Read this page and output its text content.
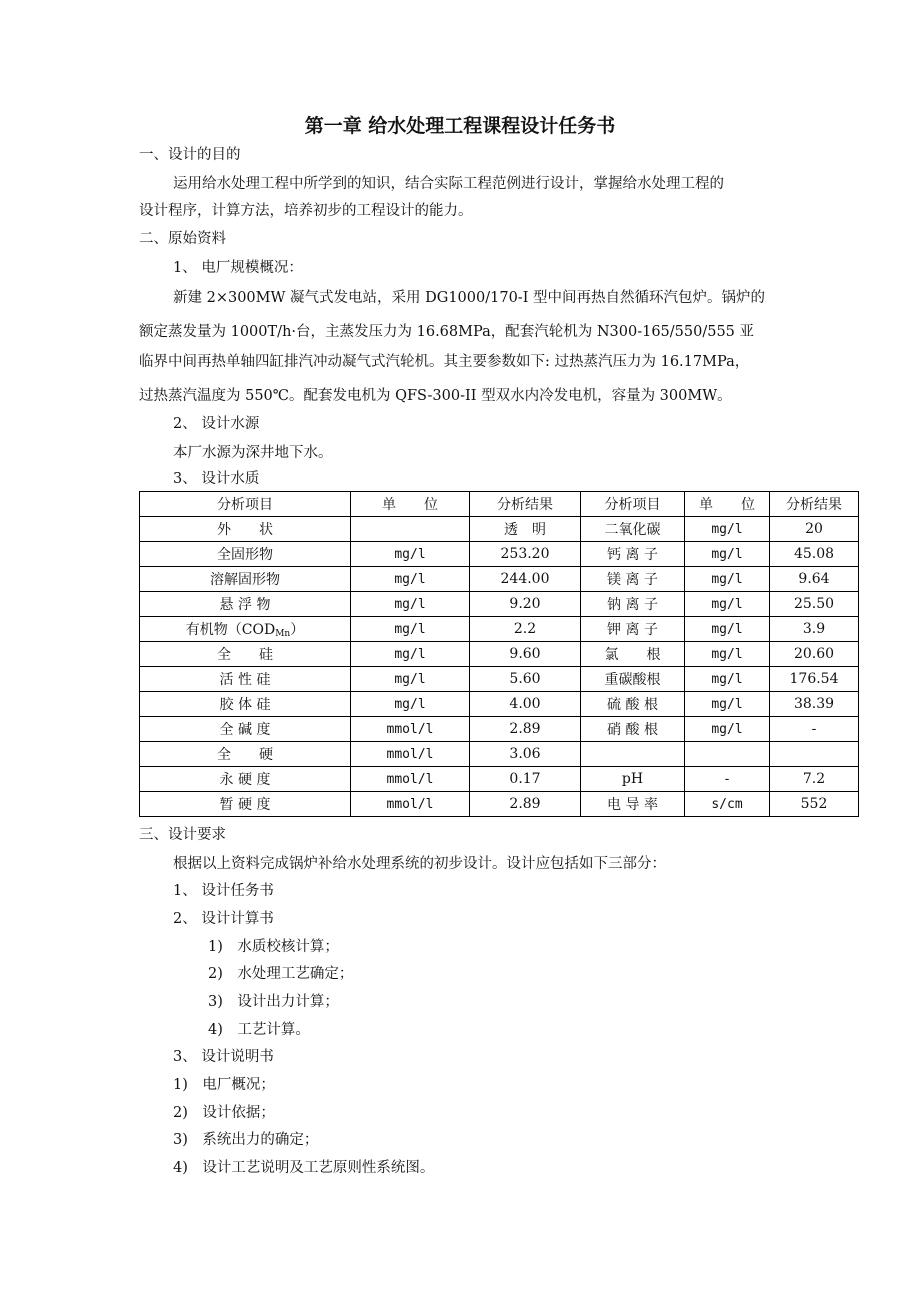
第一章 给水处理工程课程设计任务书
一、设计的目的
运用给水处理工程中所学到的知识，结合实际工程范例进行设计，掌握给水处理工程的
设计程序，计算方法，培养初步的工程设计的能力。
二、原始资料
1、 电厂规模概况：
新建 2×300MW 凝气式发电站，采用 DG1000/170-I 型中间再热自然循环汽包炉。锅炉的
额定蒸发量为 1000T/h·台，主蒸发压力为 16.68MPa，配套汽轮机为 N300-165/550/555 亚
临界中间再热单轴四缸排汽冲动凝气式汽轮机。其主要参数如下: 过热蒸汽压力为 16.17MPa，
过热蒸汽温度为 550℃。配套发电机为 QFS-300-II 型双水内冷发电机，容量为 300MW。
2、 设计水源
本厂水源为深井地下水。
3、 设计水质
分析项目	单　　位	分析结果	分析项目	单　　位	分析结果
外　　状		透　明	二氧化碳	mg/l	20
全固形物	mg/l	253.20	钙 离 子	mg/l	45.08
溶解固形物	mg/l	244.00	镁 离 子	mg/l	9.64
悬 浮 物	mg/l	9.20	钠 离 子	mg/l	25.50
有机物$(COD_{Mn})$	mg/l	2.2	钾 离 子	mg/l	3.9
全　　硅	mg/l	9.60	氯　　根	mg/l	20.60
活 性 硅	mg/l	5.60	重碳酸根	mg/l	176.54
胶 体 硅	mg/l	4.00	硫 酸 根	mg/l	38.39
全 碱 度	mmol/l	2.89	硝 酸 根	mg/l	-
全　　硬	mmol/l	3.06			
永 硬 度	mmol/l	0.17	pH	-	7.2
暂 硬 度	mmol/l	2.89	电 导 率	s/cm	552
三、设计要求
根据以上资料完成锅炉补给水处理系统的初步设计。设计应包括如下三部分：
1、 设计任务书
2、 设计计算书
1)　水质校核计算；
2)　水处理工艺确定；
3)　设计出力计算；
4)　工艺计算。
3、 设计说明书
1)　电厂概况；
2)　设计依据；
3)　系统出力的确定；
4)　设计工艺说明及工艺原则性系统图。
